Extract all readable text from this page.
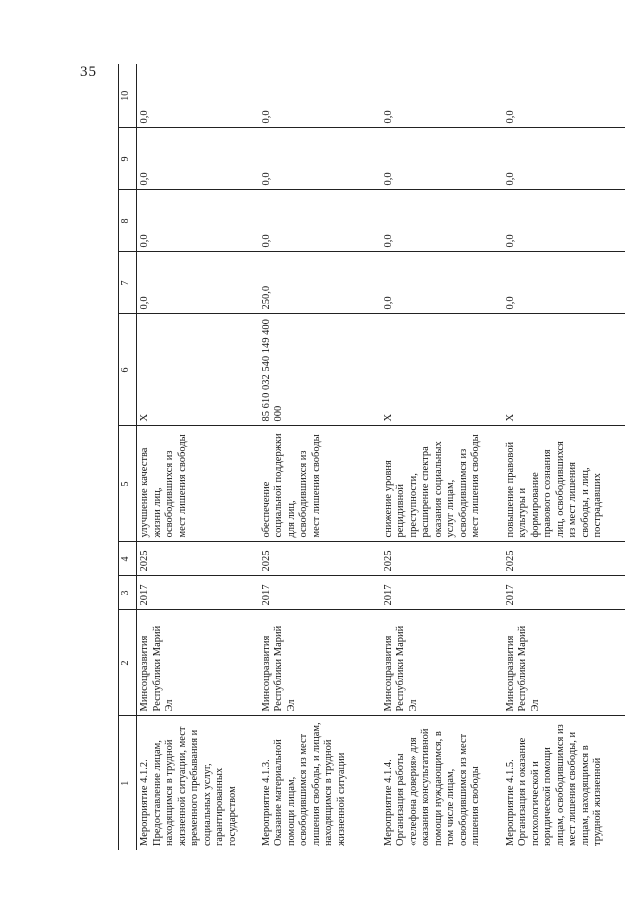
35
1	2	3	4	5	6	7	8	9	10
Мероприятие 4.1.2. Предоставление лицам, находящимся в трудной жизненной ситуации, мест временного пребывания и социальных услуг, гарантированных государством	Минсоцразвития Республики Марий Эл	2017	2025	улучшение качества жизни лиц, освободившихся из мест лишения свободы	Х	0,0	0,0	0,0	0,0
Мероприятие 4.1.3. Оказание материальной помощи лицам, освободившимся из мест лишения свободы, и лицам, находящимся в трудной жизненной ситуации	Минсоцразвития Республики Марий Эл	2017	2025	обеспечение социальной поддержки для лиц, освободившихся из мест лишения свободы	85 610 032 540 149 400 000	250,0	0,0	0,0	0,0
Мероприятие 4.1.4. Организация работы «телефона доверия» для оказания консультативной помощи нуждающимся, в том числе лицам, освободившимся из мест лишения свободы	Минсоцразвития Республики Марий Эл	2017	2025	снижение уровня рецидивной преступности, расширение спектра оказания социальных услуг лицам, освободившимся из мест лишения свободы	Х	0,0	0,0	0,0	0,0
Мероприятие 4.1.5. Организация и оказание психологической и юридической помощи лицам, освободившимся из мест лишения свободы, и лицам, находящимся в трудной жизненной	Минсоцразвития Республики Марий Эл	2017	2025	повышение правовой культуры и формирование правового сознания лиц, освободившихся из мест лишения свободы, и лиц, пострадавших	Х	0,0	0,0	0,0	0,0
